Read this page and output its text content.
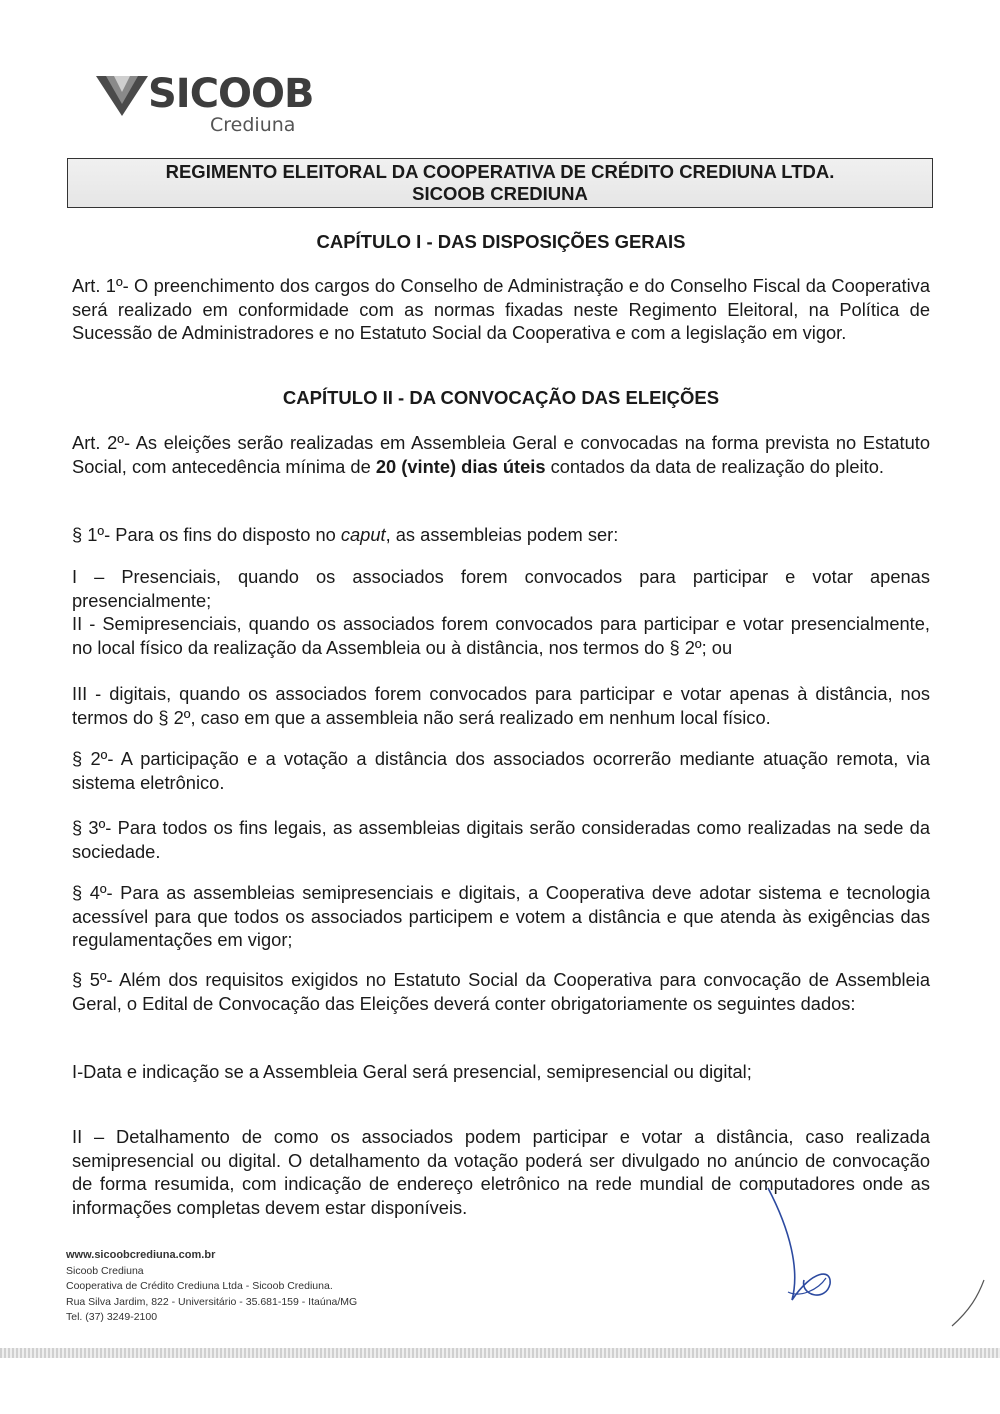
SICOOB
Crediuna
REGIMENTO ELEITORAL DA COOPERATIVA DE CRÉDITO CREDIUNA LTDA.
SICOOB CREDIUNA
CAPÍTULO I - DAS DISPOSIÇÕES GERAIS

Art. 1º- O preenchimento dos cargos do Conselho de Administração e do Conselho Fiscal da Cooperativa será realizado em conformidade com as normas fixadas neste Regimento Eleitoral, na Política de Sucessão de Administradores e no Estatuto Social da Cooperativa e com a legislação em vigor.

CAPÍTULO II - DA CONVOCAÇÃO DAS ELEIÇÕES

Art. 2º- As eleições serão realizadas em Assembleia Geral e convocadas na forma prevista no Estatuto Social, com antecedência mínima de 20 (vinte) dias úteis contados da data de realização do pleito.

§ 1º- Para os fins do disposto no caput, as assembleias podem ser:

I – Presenciais, quando os associados forem convocados para participar e votar apenas presencialmente;

II - Semipresenciais, quando os associados forem convocados para participar e votar presencialmente, no local físico da realização da Assembleia ou à distância, nos termos do § 2º; ou

III - digitais, quando os associados forem convocados para participar e votar apenas à distância, nos termos do § 2º, caso em que a assembleia não será realizado em nenhum local físico.

§ 2º- A participação e a votação a distância dos associados ocorrerão mediante atuação remota, via sistema eletrônico.

§ 3º- Para todos os fins legais, as assembleias digitais serão consideradas como realizadas na sede da sociedade.

§ 4º- Para as assembleias semipresenciais e digitais, a Cooperativa deve adotar sistema e tecnologia acessível para que todos os associados participem e votem a distância e que atenda às exigências das regulamentações em vigor;

§ 5º- Além dos requisitos exigidos no Estatuto Social da Cooperativa para convocação de Assembleia Geral, o Edital de Convocação das Eleições deverá conter obrigatoriamente os seguintes dados:

I-Data e indicação se a Assembleia Geral será presencial, semipresencial ou digital;

II – Detalhamento de como os associados podem participar e votar a distância, caso realizada semipresencial ou digital. O detalhamento da votação poderá ser divulgado no anúncio de convocação de forma resumida, com indicação de endereço eletrônico na rede mundial de computadores onde as informações completas devem estar disponíveis.

www.sicoobcrediuna.com.br
Sicoob Crediuna
Cooperativa de Crédito Crediuna Ltda - Sicoob Crediuna.
Rua Silva Jardim, 822 - Universitário - 35.681-159 - Itaúna/MG
Tel. (37) 3249-2100
